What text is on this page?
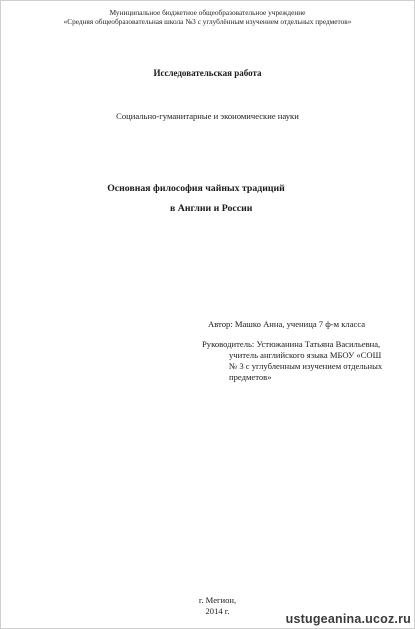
Муниципальное бюджетное общеобразовательное учреждение
«Средняя общеобразовательная школа №3 с углублённым изучением отдельных предметов»
Исследовательская работа
Социально-гуманитарные и экономические науки
Основная философия чайных традиций
в Англии и России
Автор: Машко Анна, ученица 7 ф-м класса
Руководитель: Устюжанина Татьяна Васильевна,
учитель английского языка МБОУ «СОШ
№ 3 с углубленным изучением отдельных
предметов»
г. Мегион,
2014 г.
ustugeanina.ucoz.ru
